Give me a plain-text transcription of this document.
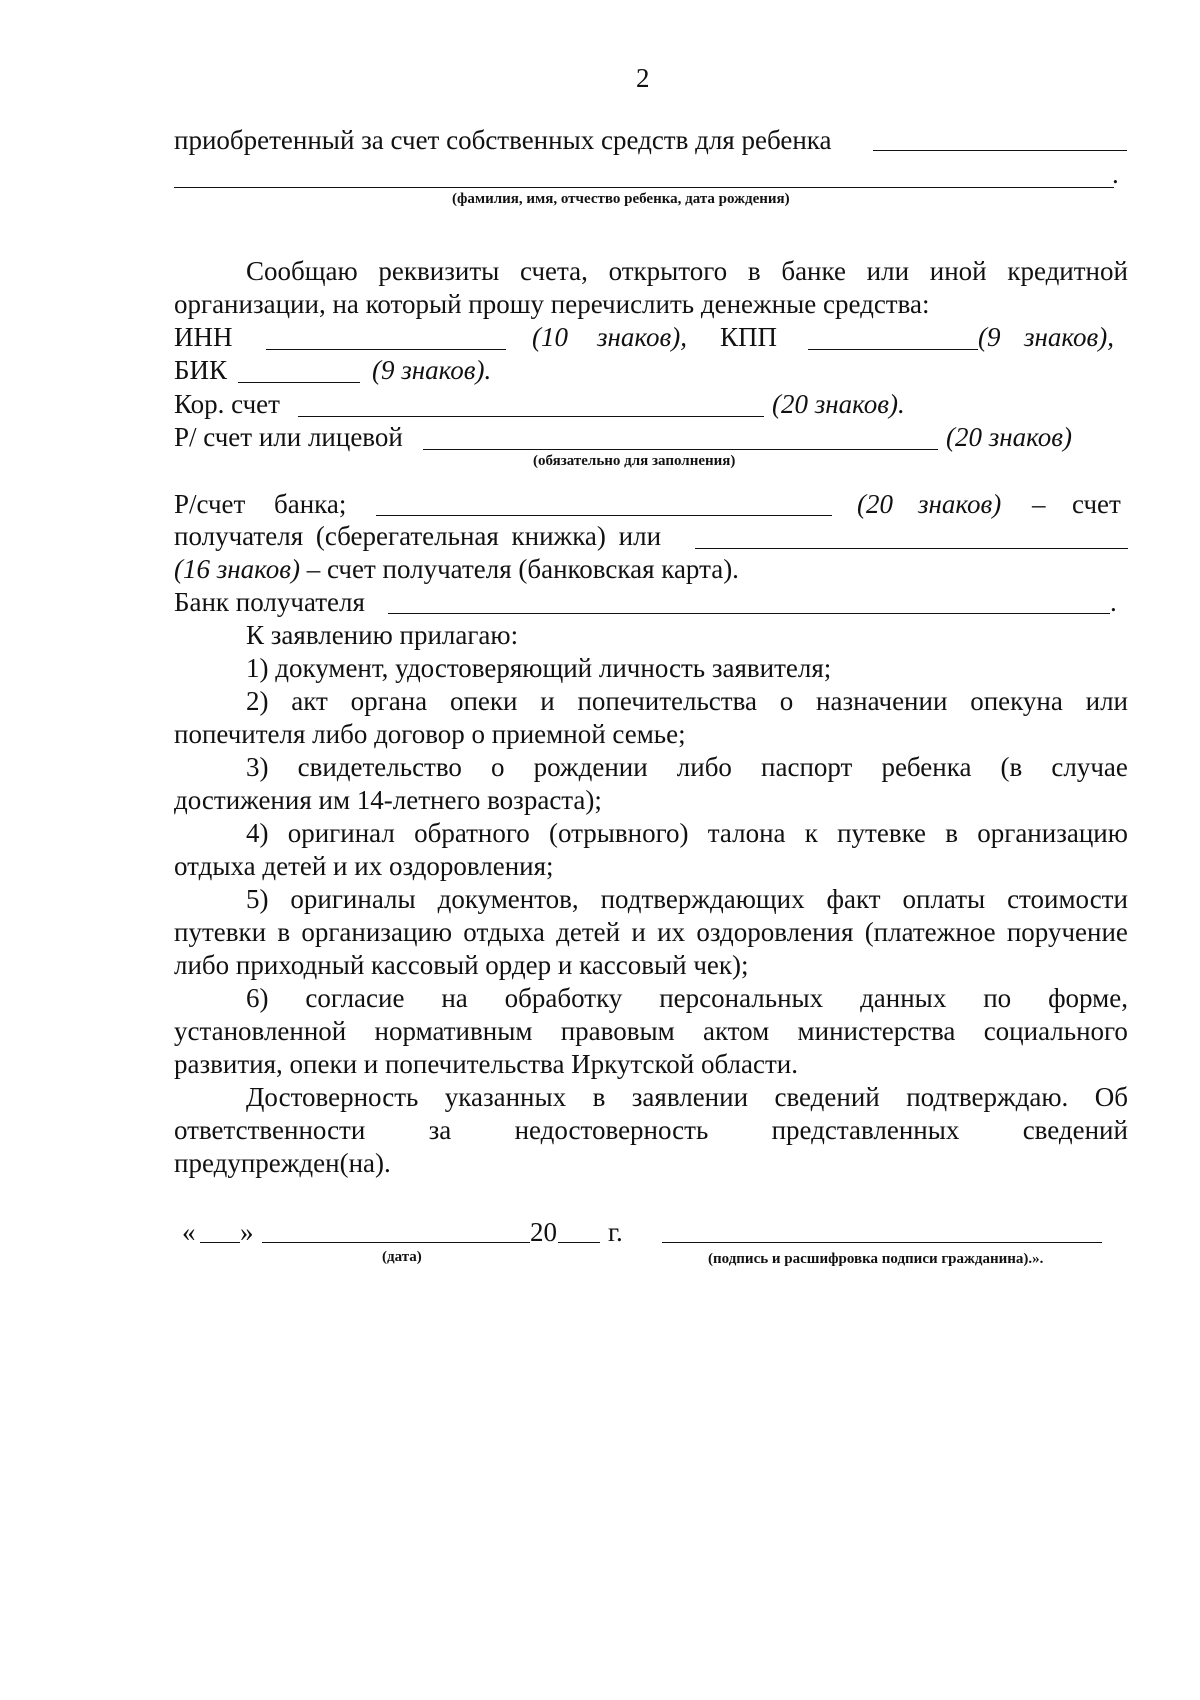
2
приобретенный за счет собственных средств для ребенка
.
(фамилия, имя, отчество ребенка, дата рождения)
Сообщаю реквизиты счета, открытого в банке или иной кредитной
организации, на который прошу перечислить денежные средства:
ИНН	(10 знаков), КПП	(9 знаков),
БИК	(9 знаков).
Кор. счет	(20 знаков).
Р/ счет или лицевой	(20 знаков)
(обязательно для заполнения)
Р/счет банка;	(20 знаков) – счет
получателя (сберегательная книжка) или
(16 знаков) – счет получателя (банковская карта).
Банк получателя	.
К заявлению прилагаю:
1) документ, удостоверяющий личность заявителя;
2) акт органа опеки и попечительства о назначении опекуна или
попечителя либо договор о приемной семье;
3) свидетельство о рождении либо паспорт ребенка (в случае
достижения им 14-летнего возраста);
4) оригинал обратного (отрывного) талона к путевке в организацию
отдыха детей и их оздоровления;
5) оригиналы документов, подтверждающих факт оплаты стоимости
путевки в организацию отдыха детей и их оздоровления (платежное поручение
либо приходный кассовый ордер и кассовый чек);
6) согласие на обработку персональных данных по форме,
установленной нормативным правовым актом министерства социального
развития, опеки и попечительства Иркутской области.
Достоверность указанных в заявлении сведений подтверждаю. Об
ответственности за недостоверность представленных сведений
предупрежден(на).
« »	20 г.
(дата)	(подпись и расшифровка подписи гражданина).».
